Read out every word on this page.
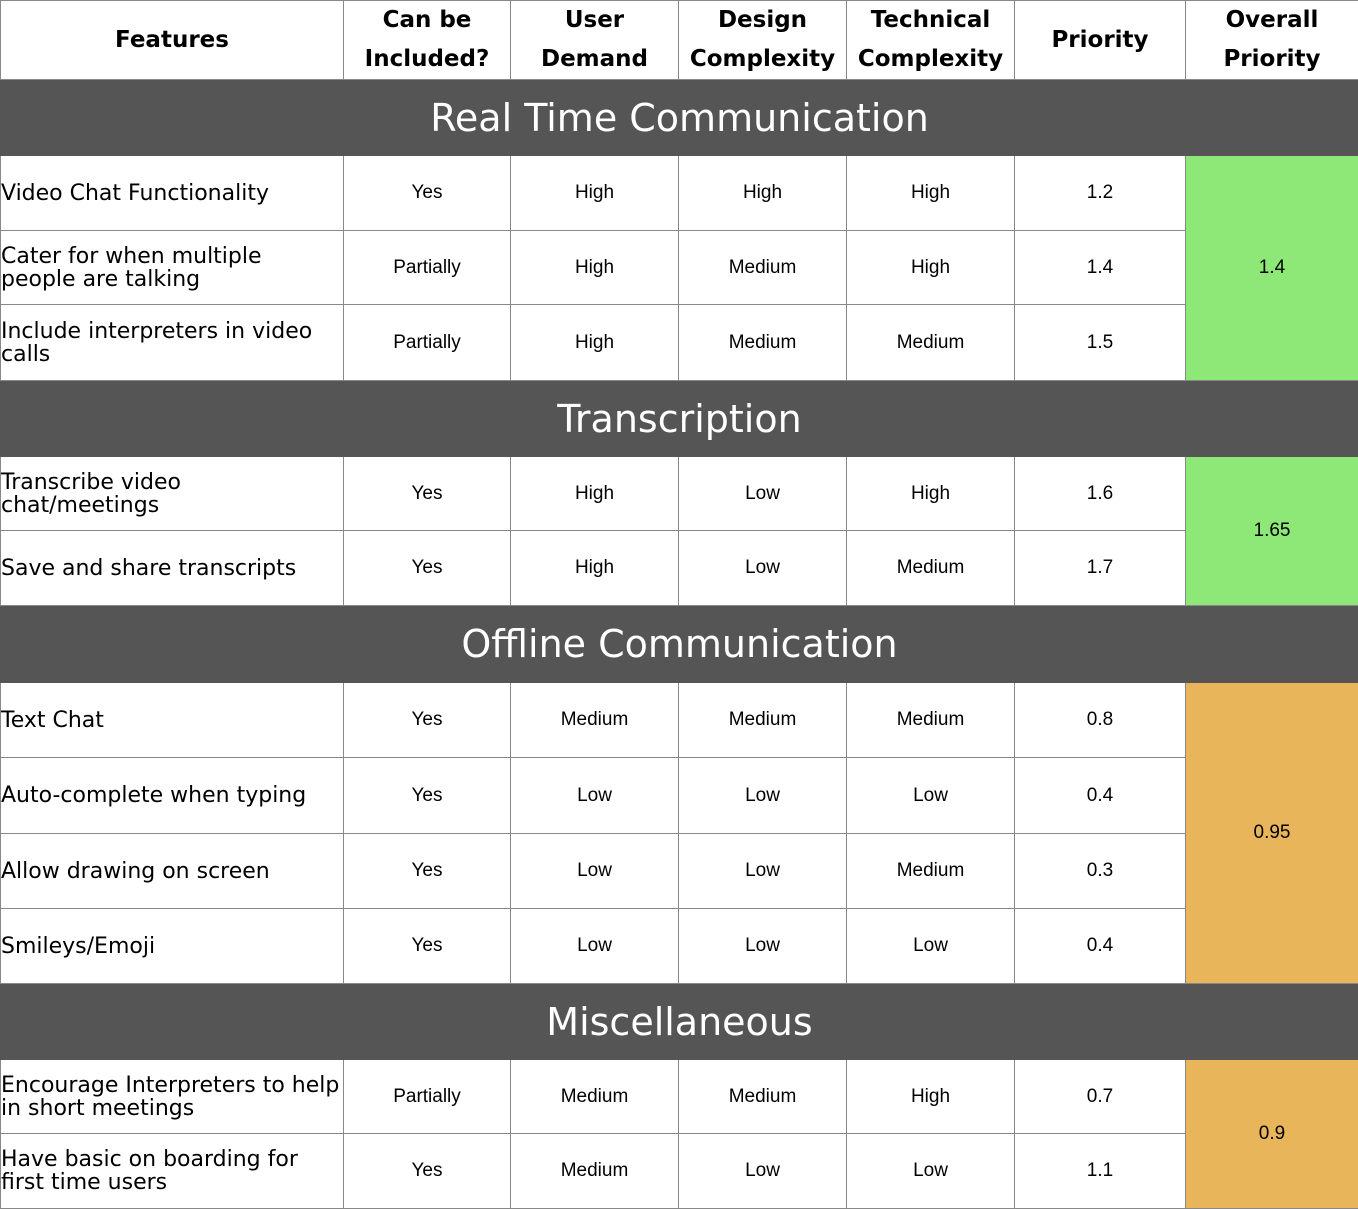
Features	Can be Included?	User Demand	Design Complexity	Technical Complexity	Priority	Overall Priority
Real Time Communication						
Video Chat Functionality	Yes	High	High	High	1.2	1.4
Cater for when multiple people are talking	Partially	High	Medium	High	1.4	
Include interpreters in video calls	Partially	High	Medium	Medium	1.5	
Transcription						
Transcribe video chat/meetings	Yes	High	Low	High	1.6	1.65
Save and share transcripts	Yes	High	Low	Medium	1.7	
Offline Communication						
Text Chat	Yes	Medium	Medium	Medium	0.8	0.95
Auto-complete when typing	Yes	Low	Low	Low	0.4	
Allow drawing on screen	Yes	Low	Low	Medium	0.3	
Smileys/Emoji	Yes	Low	Low	Low	0.4	
Miscellaneous						
Encourage Interpreters to help in short meetings	Partially	Medium	Medium	High	0.7	0.9
Have basic on boarding for first time users	Yes	Medium	Low	Low	1.1	
